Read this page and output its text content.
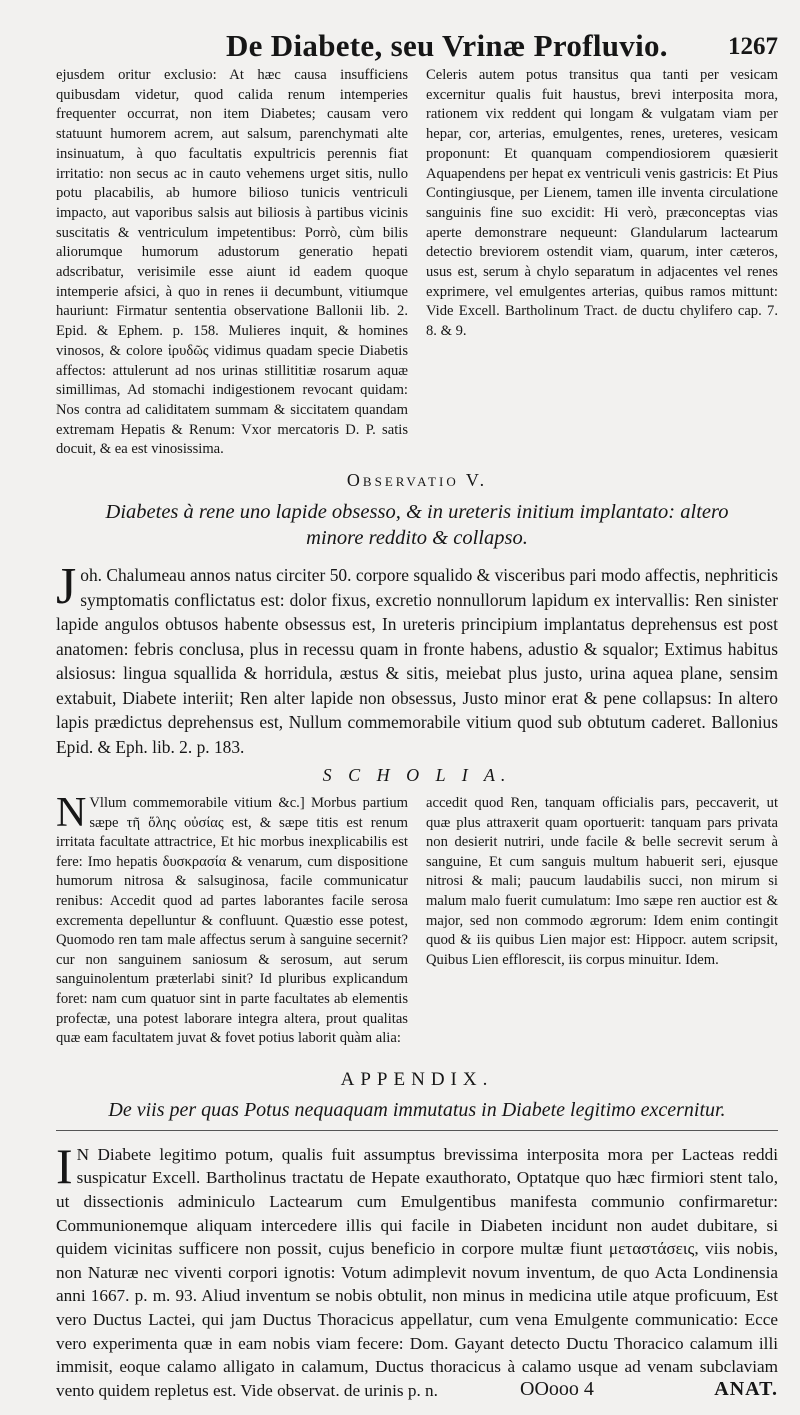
De Diabete, seu Vrinæ Profluvio. 1267

ejusdem oritur exclusio: At hæc causa insufficiens quibusdam videtur, quod calida renum intemperies frequenter occurrat, non item Diabetes; causam vero statuunt humorem acrem, aut salsum, parenchymati alte insinuatum, à quo facultatis expultricis perennis fiat irritatio: non secus ac in cauto vehemens urget sitis, nullo potu placabilis, ab humore bilioso tunicis ventriculi impacto, aut vaporibus salsis aut biliosis à partibus vicinis suscitatis & ventriculum impetentibus: Porrò, cùm bilis aliorumque humorum adustorum generatio hepati adscribatur, verisimile esse aiunt id eadem quoque intemperie afsici, à quo in renes ii decumbunt, vitiumque hauriunt: Firmatur sententia observatione Ballonii lib. 2. Epid. & Ephem. p. 158. Mulieres inquit, & homines vinosos, & colore ἰρυδῶς vidimus quadam specie Diabetis affectos: attulerunt ad nos urinas stillititiæ rosarum aquæ simillimas, Ad stomachi indigestionem revocant quidam: Nos contra ad caliditatem summam & siccitatem quandam extremam Hepatis & Renum: Vxor mercatoris D. P. satis docuit, & ea est vinosissima.

Celeris autem potus transitus qua tanti per vesicam excernitur qualis fuit haustus, brevi interposita mora, rationem vix reddent qui longam & vulgatam viam per hepar, cor, arterias, emulgentes, renes, ureteres, vesicam proponunt: Et quanquam compendiosiorem quæsierit Aquapendens per hepat ex ventriculi venis gastricis: Et Pius Contingiusque, per Lienem, tamen ille inventa circulatione sanguinis fine suo excidit: Hi verò, præconceptas vias aperte demonstrare nequeunt: Glandularum lactearum detectio breviorem ostendit viam, quarum, inter cæteros, usus est, serum à chylo separatum in adjacentes vel renes exprimere, vel emulgentes arterias, quibus ramos mittunt: Vide Excell. Bartholinum Tract. de ductu chylifero cap. 7. 8. & 9.

Observatio V.
Diabetes à rene uno lapide obsesso, & in ureteris initium implantato: altero minore reddito & collapso.
J oh. Chalumeau annos natus circiter 50. corpore squalido & visceribus pari modo affectis, nephriticis symptomatis conflictatus est: dolor fixus, excretio nonnullorum lapidum ex intervallis: Ren sinister lapide angulos obtusos habente obsessus est, In ureteris principium implantatus deprehensus est post anatomen: febris conclusa, plus in recessu quam in fronte habens, adustio & squalor; Extimus habitus alsiosus: lingua squallida & horridula, æstus & sitis, meiebat plus justo, urina aquea plane, sensim extabuit, Diabete interiit; Ren alter lapide non obsessus, Justo minor erat & pene collapsus: In altero lapis prædictus deprehensus est, Nullum commemorabile vitium quod sub obtutum caderet. Ballonius Epid. & Eph. lib. 2. p. 183.
S C H O L I A.
N Vllum commemorabile vitium &c.] Morbus partium sæpe τῆ ὅλης οὐσίας est, & sæpe titis est renum irritata facultate attractrice, Et hic morbus inexplicabilis est fere: Imo hepatis δυσκρασία & venarum, cum dispositione humorum nitrosa & salsuginosa, facile communicatur renibus: Accedit quod ad partes laborantes facile serosa excrementa depelluntur & confluunt. Quæstio esse potest, Quomodo ren tam male affectus serum à sanguine secernit? cur non sanguinem saniosum & serosum, aut serum sanguinolentum præterlabi sinit? Id pluribus explicandum foret: nam cum quatuor sint in parte facultates ab elementis profectæ, una potest laborare integra altera, prout qualitas quæ eam facultatem juvat & fovet potius laborit quàm alia:
accedit quod Ren, tanquam officialis pars, peccaverit, ut quæ plus attraxerit quam oportuerit: tanquam pars privata non desierit nutriri, unde facile & belle secrevit serum à sanguine, Et cum sanguis multum habuerit seri, ejusque nitrosi & mali; paucum laudabilis succi, non mirum si malum malo fuerit cumulatum: Imo sæpe ren auctior est & major, sed non commodo ægrorum: Idem enim contingit quod & iis quibus Lien major est: Hippocr. autem scripsit, Quibus Lien efflorescit, iis corpus minuitur. Idem.
APPENDIX.
De viis per quas Potus nequaquam immutatus in Diabete legitimo excernitur.
I N Diabete legitimo potum, qualis fuit assumptus brevissima interposita mora per Lacteas reddi suspicatur Excell. Bartholinus tractatu de Hepate exauthorato, Optatque quo hæc firmiori stent talo, ut dissectionis adminiculo Lactearum cum Emulgentibus manifesta communio confirmaretur: Communionemque aliquam intercedere illis qui facile in Diabeten incidunt non audet dubitare, si quidem vicinitas sufficere non possit, cujus beneficio in corpore multæ fiunt μεταστάσεις, viis nobis, non Naturæ nec viventi corpori ignotis: Votum adimplevit novum inventum, de quo Acta Londinensia anni 1667. p. m. 93. Aliud inventum se nobis obtulit, non minus in medicina utile atque proficuum, Est vero Ductus Lactei, qui jam Ductus Thoracicus appellatur, cum vena Emulgente communicatio: Ecce vero experimenta quæ in eam nobis viam fecere: Dom. Gayant detecto Ductu Thoracico calamum illi immisit, eoque calamo alligato in calamum, Ductus thoracicus à calamo usque ad venam subclaviam vento quidem repletus est. Vide observat. de urinis p. n.	OOooo 4	ANAT.
